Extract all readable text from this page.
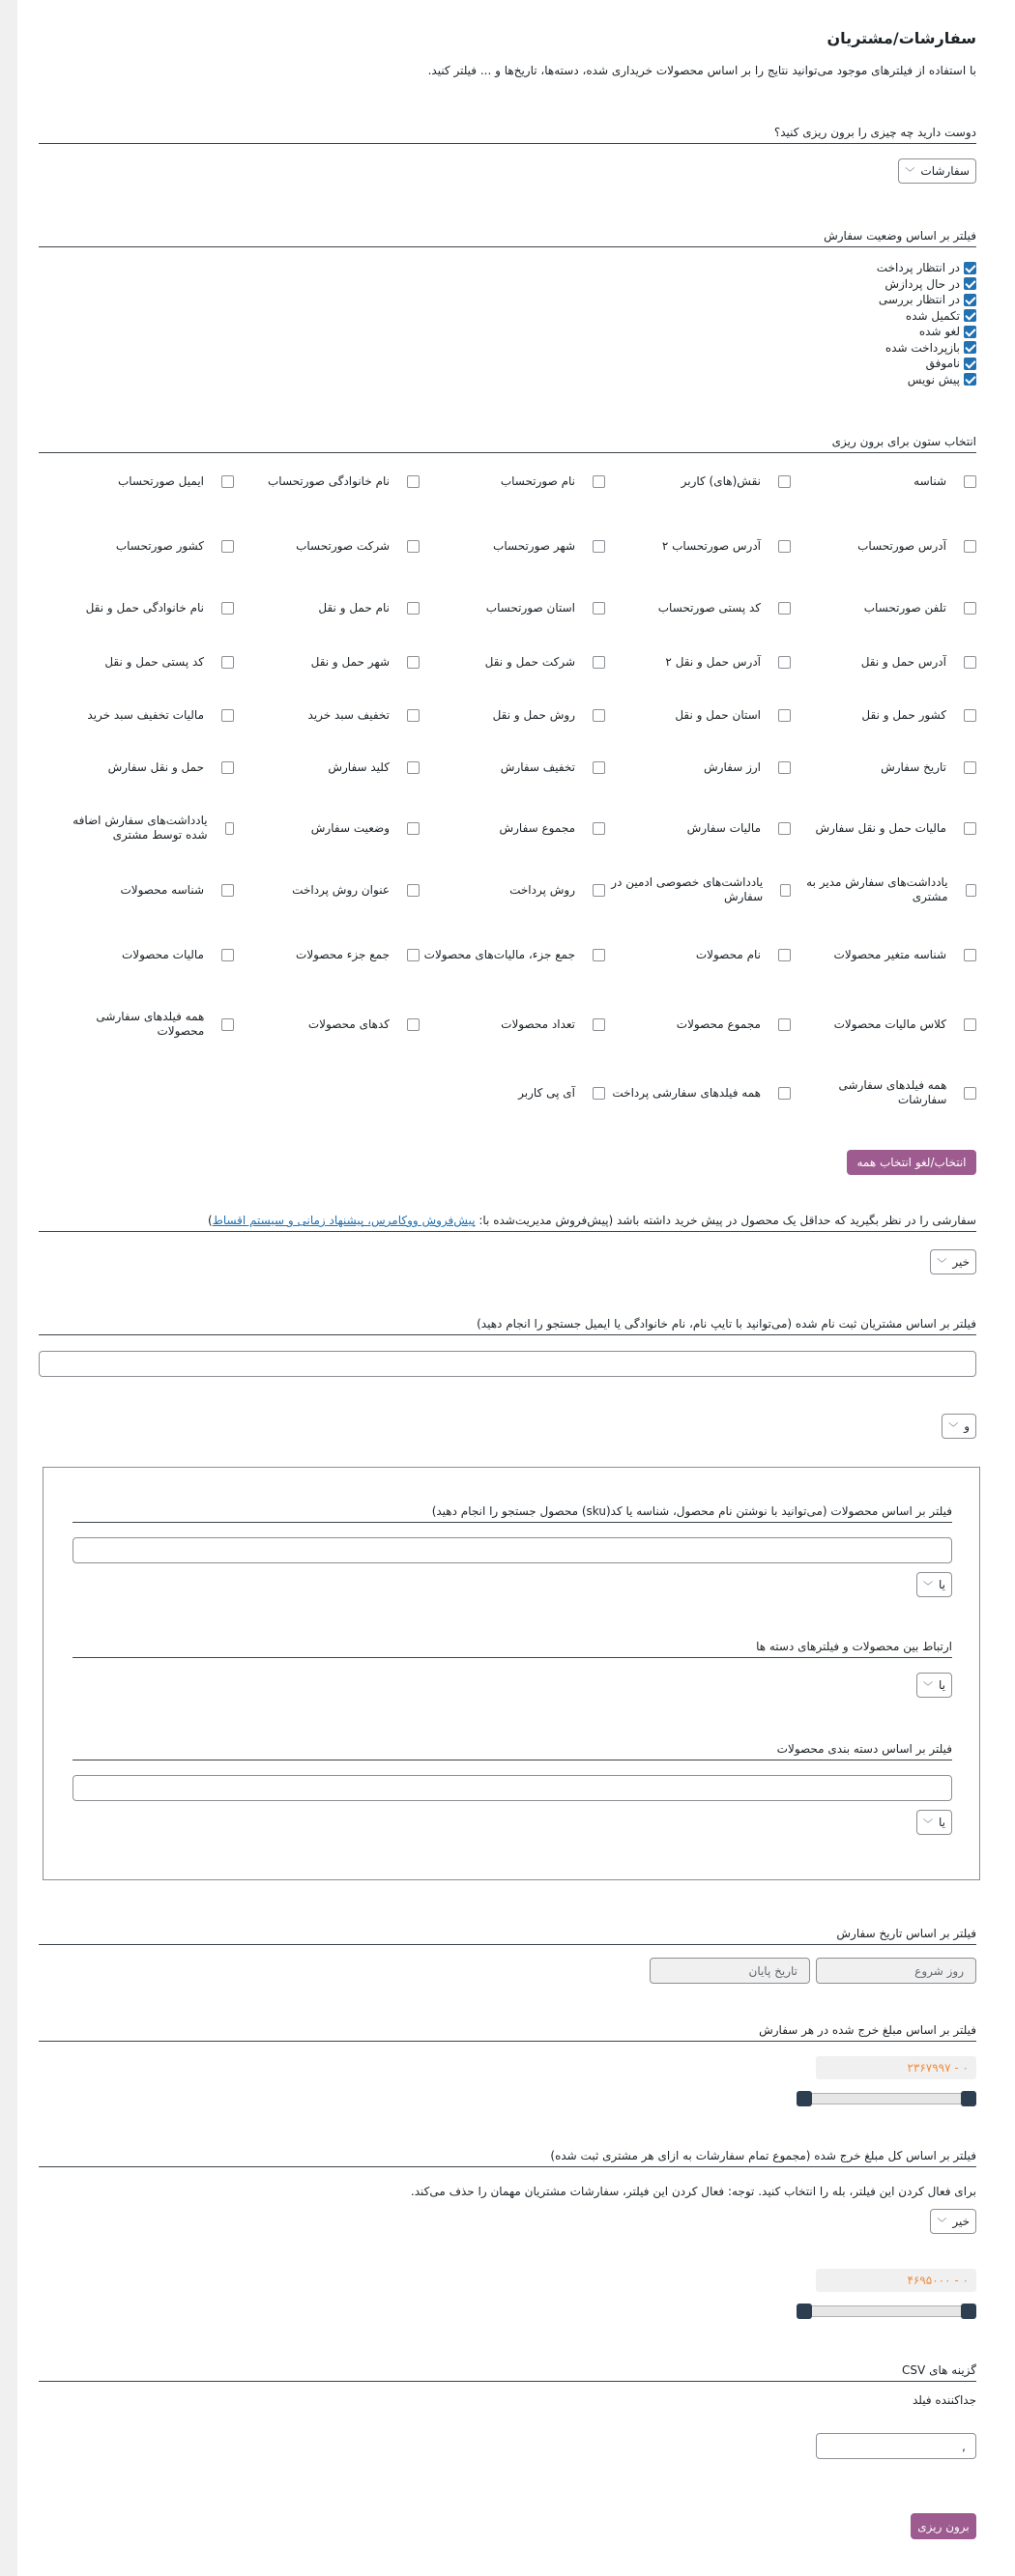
سفارشات/مشتریان
با استفاده از فیلترهای موجود می‌توانید نتایج را بر اساس محصولات خریداری شده، دسته‌ها، تاریخ‌ها و ... فیلتر کنید.
دوست دارید چه چیزی را برون ریزی کنید؟
سفارشات
﹀
فیلتر بر اساس وضعیت سفارش
در انتظار پرداخت
در حال پردازش
در انتظار بررسی
تکمیل شده
لغو شده
بازپرداخت شده
ناموفق
پیش نویس
انتخاب ستون برای برون ریزی
شناسه
نقش(های) کاربر
نام صورتحساب
نام خانوادگی صورتحساب
ایمیل صورتحساب
آدرس صورتحساب
آدرس صورتحساب ۲
شهر صورتحساب
شرکت صورتحساب
کشور صورتحساب
تلفن صورتحساب
کد پستی صورتحساب
استان صورتحساب
نام حمل و نقل
نام خانوادگی حمل و نقل
آدرس حمل و نقل
آدرس حمل و نقل ۲
شرکت حمل و نقل
شهر حمل و نقل
کد پستی حمل و نقل
کشور حمل و نقل
استان حمل و نقل
روش حمل و نقل
تخفیف سبد خرید
مالیات تخفیف سبد خرید
تاریخ سفارش
ارز سفارش
تخفیف سفارش
کلید سفارش
حمل و نقل سفارش
مالیات حمل و نقل سفارش
مالیات سفارش
مجموع سفارش
وضعیت سفارش
یادداشت‌های سفارش اضافه شده توسط مشتری
یادداشت‌های سفارش مدیر به مشتری
یادداشت‌های خصوصی ادمین در سفارش
روش پرداخت
عنوان روش پرداخت
شناسه محصولات
شناسه متغیر محصولات
نام محصولات
جمع جزء، مالیات‌های محصولات
جمع جزء محصولات
مالیات محصولات
کلاس مالیات محصولات
مجموع محصولات
تعداد محصولات
کدهای محصولات
همه فیلدهای سفارشی محصولات
همه فیلدهای سفارشی سفارشات
همه فیلدهای سفارشی پرداخت
آی پی کاربر
انتخاب/لغو انتخاب همه
سفارشی را در نظر بگیرید که حداقل یک محصول در پیش خرید داشته باشد (پیش‌فروش مدیریت‌شده با: پیش‌فروش ووکامرس، پیشنهاد زمانی و سیستم اقساط)
خیر
﹀
فیلتر بر اساس مشتریان ثبت نام شده (می‌توانید با تایپ نام، نام خانوادگی یا ایمیل جستجو را انجام دهید)
و
﹀
فیلتر بر اساس محصولات (می‌توانید با نوشتن نام محصول، شناسه یا کد(sku) محصول جستجو را انجام دهید)
یا
﹀
ارتباط بین محصولات و فیلترهای دسته ها
یا
﹀
فیلتر بر اساس دسته بندی محصولات
یا
﹀
فیلتر بر اساس تاریخ سفارش
روز شروع
تاریخ پایان
فیلتر بر اساس مبلغ خرج شده در هر سفارش
۰ - ۲۳۶۷۹۹۷
فیلتر بر اساس کل مبلغ خرج شده (مجموع تمام سفارشات به ازای هر مشتری ثبت شده)
برای فعال کردن این فیلتر، بله را انتخاب کنید. توجه: فعال کردن این فیلتر، سفارشات مشتریان مهمان را حذف می‌کند.
خیر
﹀
۰ - ۴۶۹۵۰۰۰
گزینه های CSV
جداکننده فیلد
,
برون ریزی
